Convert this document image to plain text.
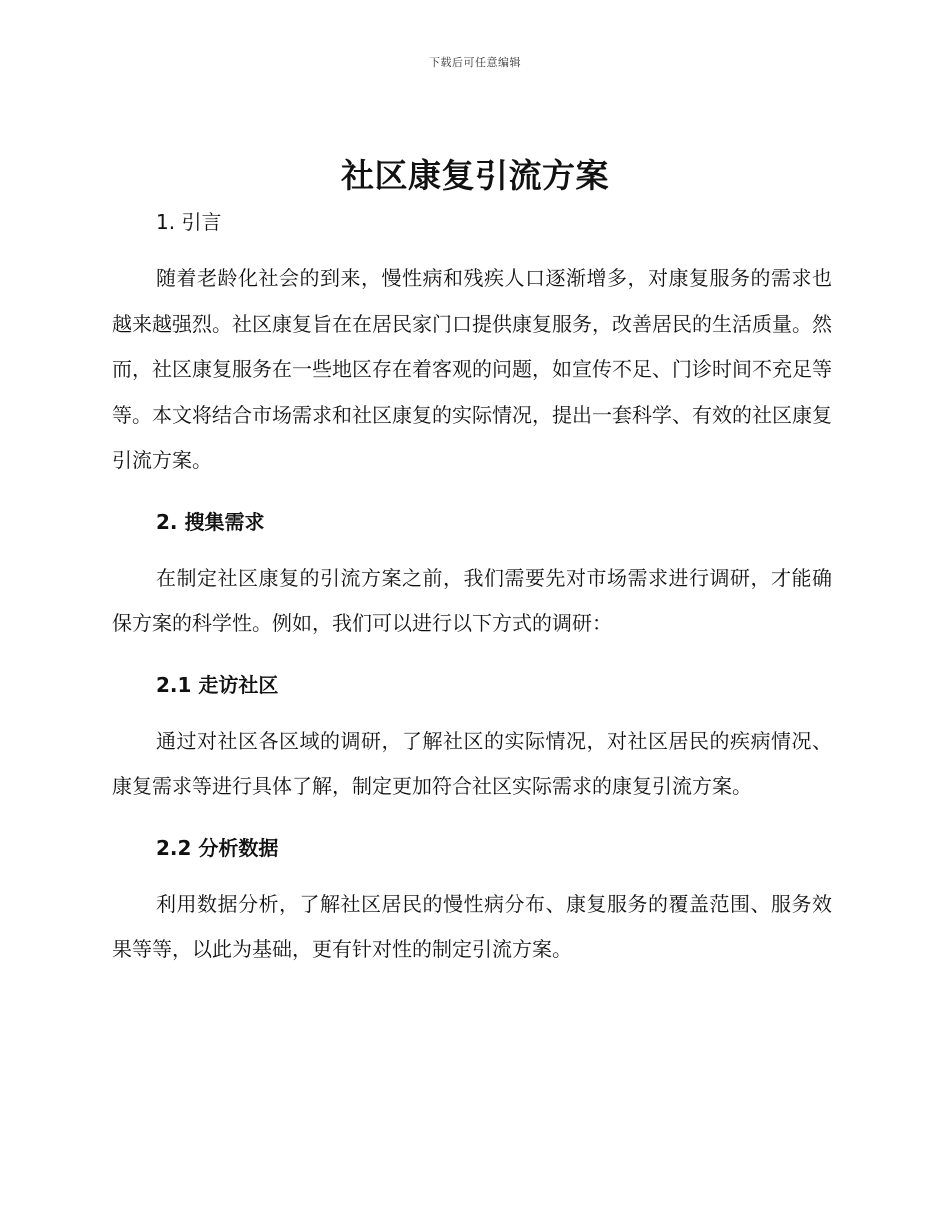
下载后可任意编辑
社区康复引流方案
1. 引言

随着老龄化社会的到来，慢性病和残疾人口逐渐增多，对康复服务的需求也越来越强烈。社区康复旨在在居民家门口提供康复服务，改善居民的生活质量。然而，社区康复服务在一些地区存在着客观的问题，如宣传不足、门诊时间不充足等等。本文将结合市场需求和社区康复的实际情况，提出一套科学、有效的社区康复引流方案。

2. 搜集需求

在制定社区康复的引流方案之前，我们需要先对市场需求进行调研，才能确保方案的科学性。例如，我们可以进行以下方式的调研：

2.1 走访社区

通过对社区各区域的调研，了解社区的实际情况，对社区居民的疾病情况、康复需求等进行具体了解，制定更加符合社区实际需求的康复引流方案。

2.2 分析数据

利用数据分析，了解社区居民的慢性病分布、康复服务的覆盖范围、服务效果等等，以此为基础，更有针对性的制定引流方案。
